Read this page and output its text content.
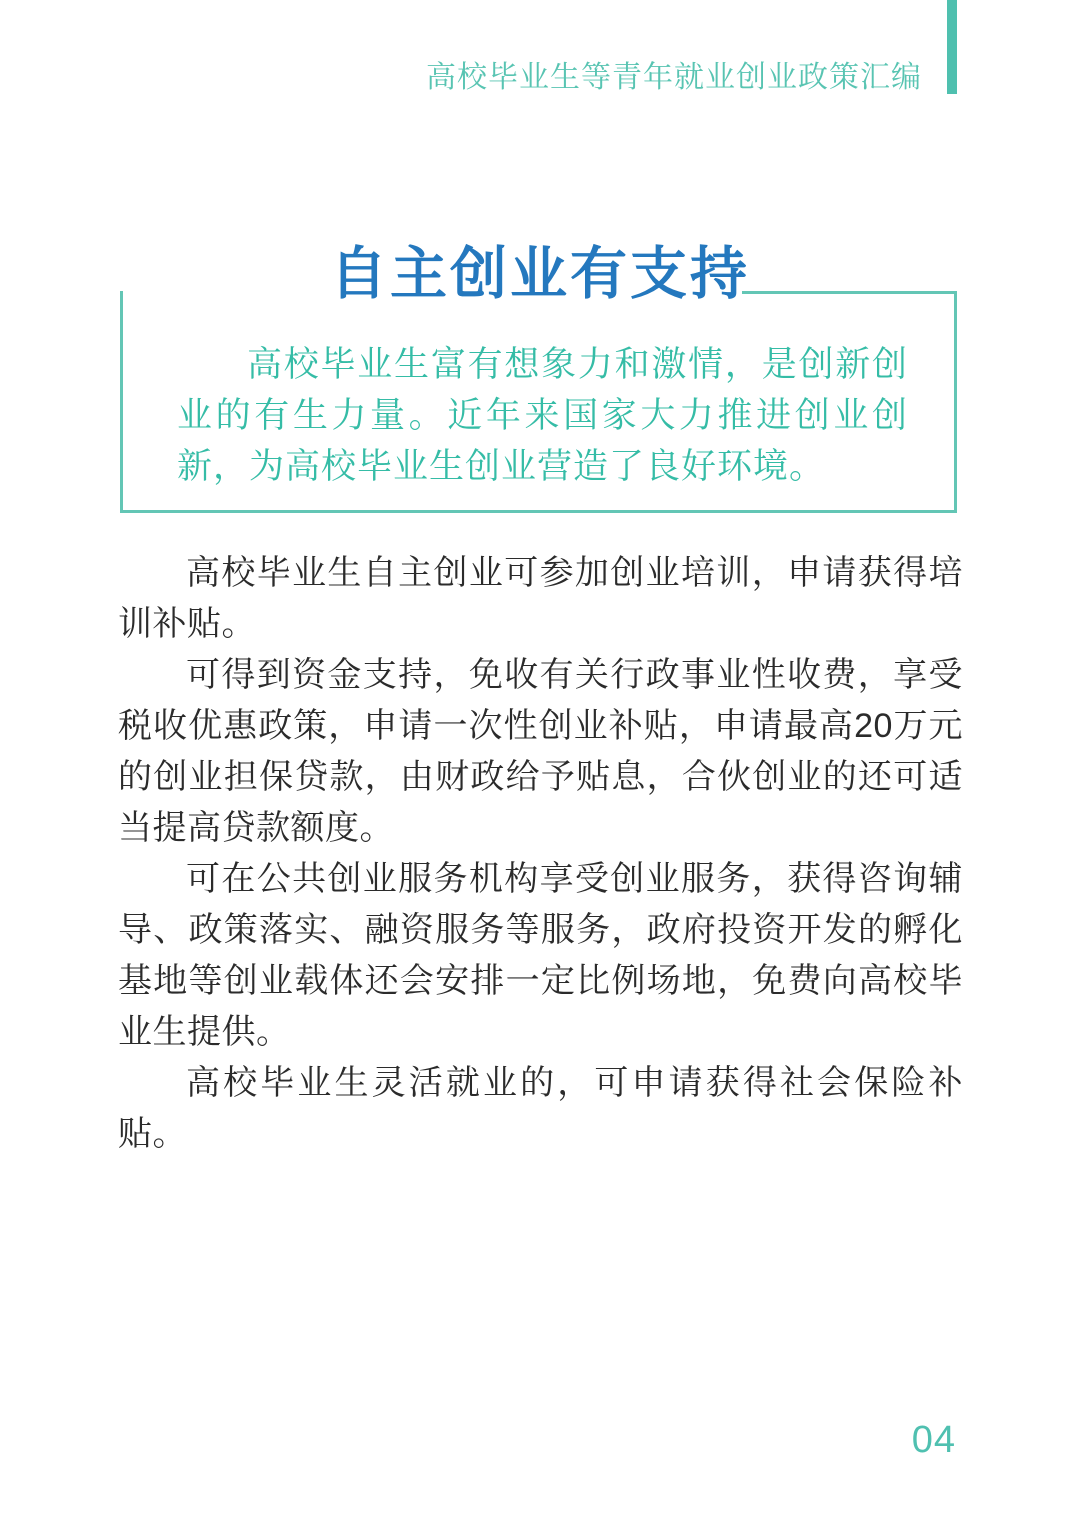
高校毕业生等青年就业创业政策汇编
自主创业有支持

高校毕业生富有想象力和激情，是创新创业的有生力量。近年来国家大力推进创业创新，为高校毕业生创业营造了良好环境。

高校毕业生自主创业可参加创业培训，申请获得培训补贴。

可得到资金支持，免收有关行政事业性收费，享受税收优惠政策，申请一次性创业补贴，申请最高20万元的创业担保贷款，由财政给予贴息，合伙创业的还可适当提高贷款额度。

可在公共创业服务机构享受创业服务，获得咨询辅导、政策落实、融资服务等服务，政府投资开发的孵化基地等创业载体还会安排一定比例场地，免费向高校毕业生提供。

高校毕业生灵活就业的，可申请获得社会保险补贴。

04
